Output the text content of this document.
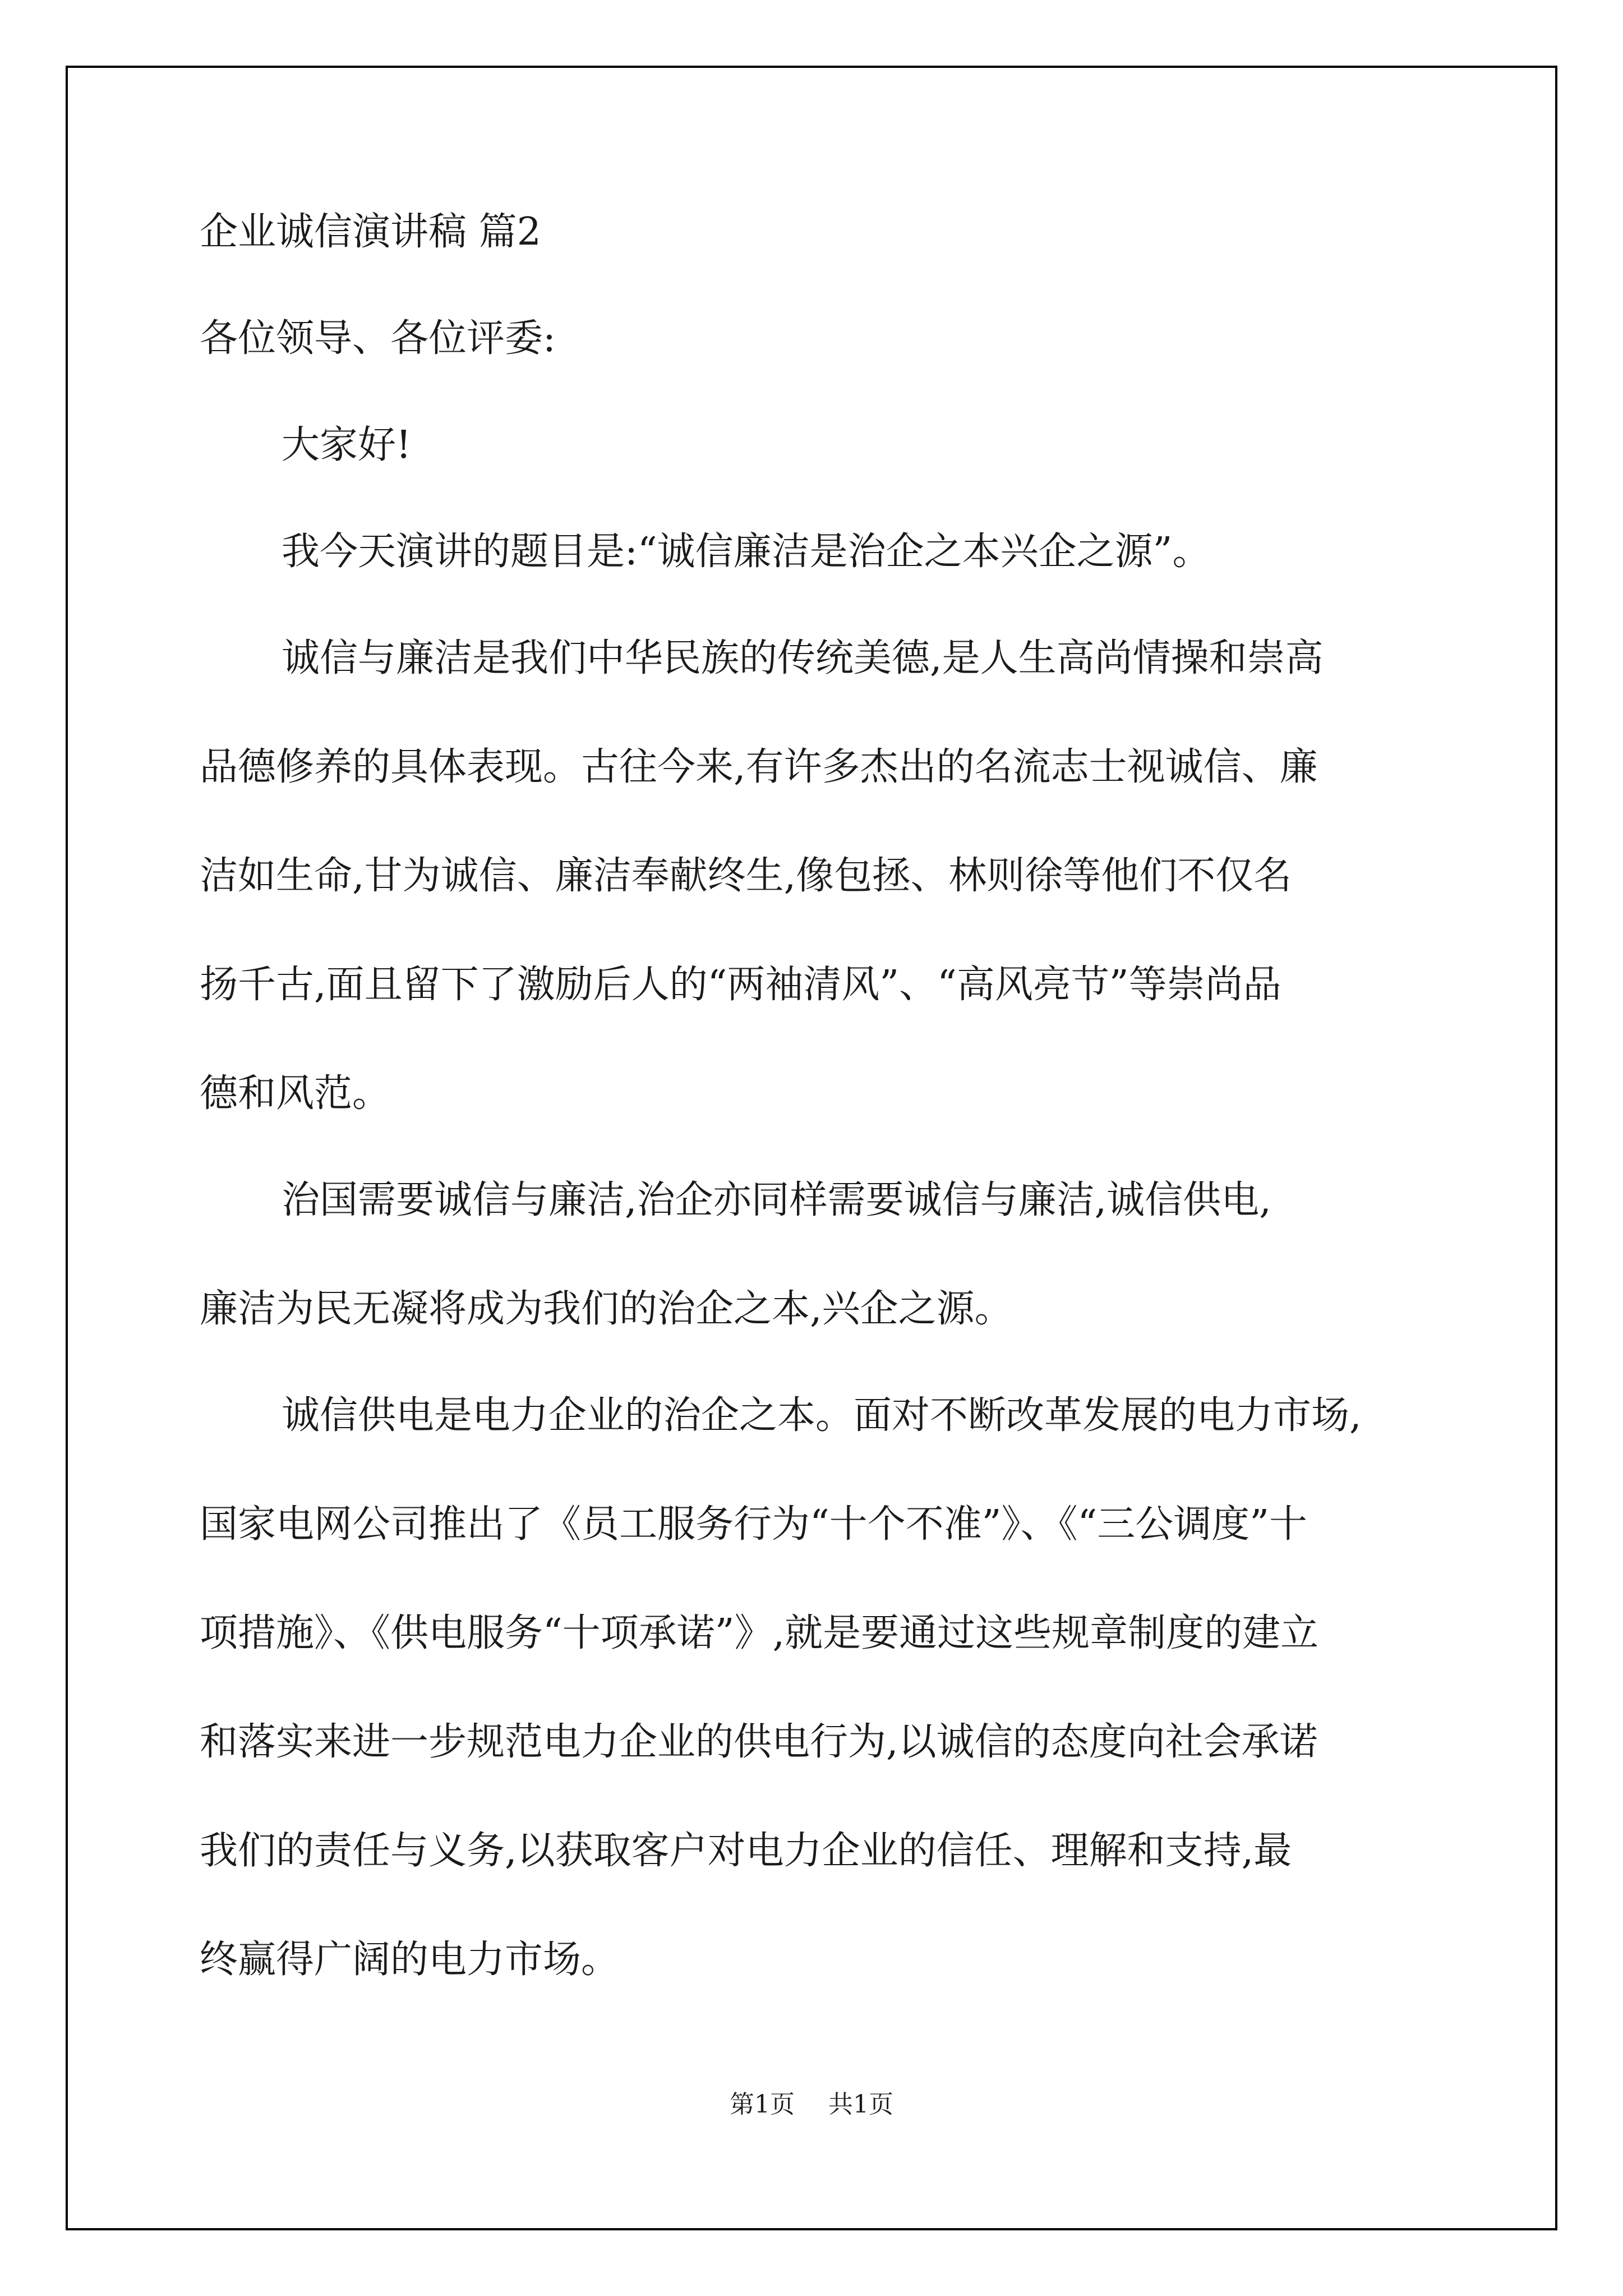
企业诚信演讲稿 篇2

各位领导、各位评委:

大家好!

我今天演讲的题目是:“诚信廉洁是治企之本兴企之源”。

诚信与廉洁是我们中华民族的传统美德,是人生高尚情操和崇高

品德修养的具体表现。古往今来,有许多杰出的名流志士视诚信、廉

洁如生命,甘为诚信、廉洁奉献终生,像包拯、林则徐等他们不仅名

扬千古,面且留下了激励后人的“两袖清风”、“高风亮节”等崇尚品

德和风范。

治国需要诚信与廉洁,治企亦同样需要诚信与廉洁,诚信供电,

廉洁为民无凝将成为我们的治企之本,兴企之源。

诚信供电是电力企业的治企之本。面对不断改革发展的电力市场,

国家电网公司推出了《员工服务行为“十个不准”》、《“三公调度”十

项措施》、《供电服务“十项承诺”》,就是要通过这些规章制度的建立

和落实来进一步规范电力企业的供电行为,以诚信的态度向社会承诺

我们的责任与义务,以获取客户对电力企业的信任、理解和支持,最

终赢得广阔的电力市场。

第1页 共1页
